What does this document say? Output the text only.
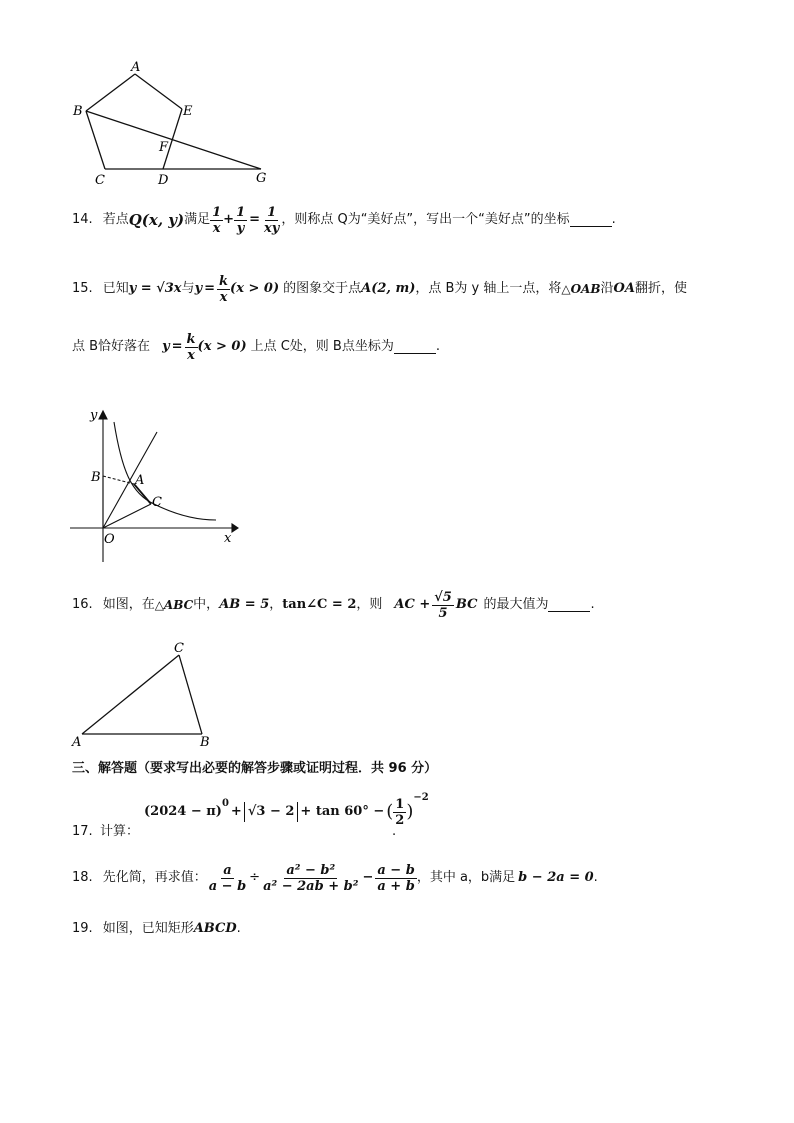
A
B	E
F
C	D	G
14. 若点 Q (x, y) 满足 $\frac{1}{x} + \frac{1}{y} = \frac{1}{xy}$ ，则称点 Q为“美好点”，写出一个“美好点”的坐标	.
15. 已知 y = √3x 与 $y = \frac{k}{x} (x > 0)$ 的图象交于点 A(2, m) ，点 B为 y 轴上一点，将 △OAB 沿 OA 翻折，使
点 B恰好落在 $y = \frac{k}{x} (x > 0)$ 上点 C处，则 B点坐标为	.
y
B	A
C
O	x
16. 如图，在 △ABC 中， AB = 5 ， tan∠C = 2 ，则 AC + $\frac{√5}{5}$ BC 的最大值为	.
C
A	B
三、解答题（要求写出必要的解答步骤或证明过程．共 96 分）
17. 计算：
(2024 − π)
$^0$
+ √3 − 2 + tan 60° − ( $\frac{1}{2}$ )
$^{-2}$
.
18. 先化简，再求值： $\frac{a}{a - b} \div \frac{\text{a² − b²}}{\text{a² − 2ab + b²}} - \frac{a - b}{a + b}$ ，其中 a，b满足 b − 2a = 0 .
19. 如图，已知矩形 ABCD .
